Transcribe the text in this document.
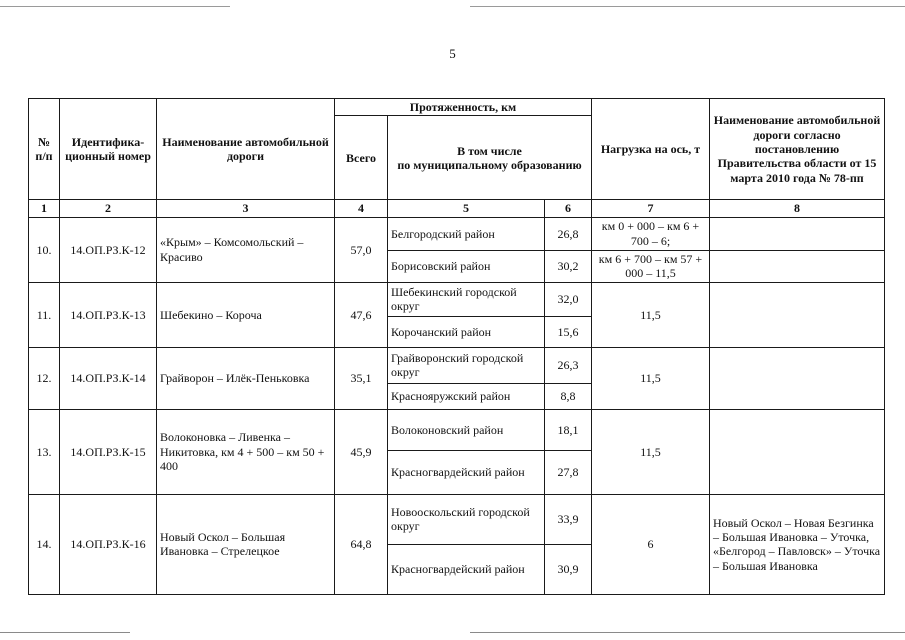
5
№ п/п	Идентифика-ционный номер	Наименование автомобильной дороги	Протяженность, км			Нагрузка на ось, т	Наименование автомобильной дороги согласно постановлению Правительства области от 15 марта 2010 года № 78-пп
			Всего	В том числе
по муниципальному образованию			

1	2	3	4	5	6	7	8
10.	14.ОП.РЗ.К-12	«Крым» – Комсомольский – Красиво	57,0	Белгородский район	26,8	км 0 + 000 – км 6 + 700 – 6;	
				Борисовский район	30,2	км 6 + 700 – км 57 + 000 – 11,5	
11.	14.ОП.РЗ.К-13	Шебекино – Короча	47,6	Шебекинский городской округ	32,0	11,5	
				Корочанский район	15,6		
12.	14.ОП.РЗ.К-14	Грайворон – Илёк-Пеньковка	35,1	Грайворонский городской округ	26,3	11,5	
				Краснояружский район	8,8		
13.	14.ОП.РЗ.К-15	Волоконовка – Ливенка – Никитовка, км 4 + 500 – км 50 + 400	45,9	Волоконовский район	18,1	11,5	
				Красногвардейский район	27,8		
14.	14.ОП.РЗ.К-16	Новый Оскол – Большая Ивановка – Стрелецкое	64,8	Новооскольский городской округ	33,9	6	Новый Оскол – Новая Безгинка – Большая Ивановка – Уточка, «Белгород – Павловск» – Уточка – Большая Ивановка
				Красногвардейский район	30,9		
